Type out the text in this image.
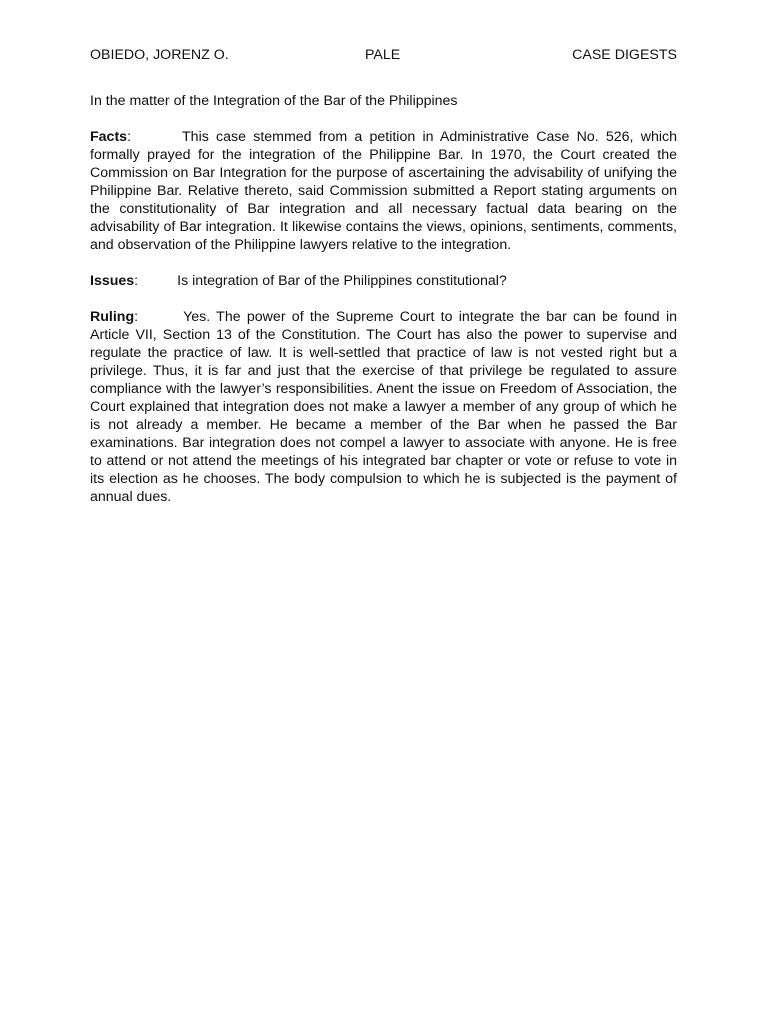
OBIEDO, JORENZ O.	PALE	CASE DIGESTS
In the matter of the Integration of the Bar of the Philippines
Facts:	This case stemmed from a petition in Administrative Case No. 526, which formally prayed for the integration of the Philippine Bar. In 1970, the Court created the Commission on Bar Integration for the purpose of ascertaining the advisability of unifying the Philippine Bar. Relative thereto, said Commission submitted a Report stating arguments on the constitutionality of Bar integration and all necessary factual data bearing on the advisability of Bar integration. It likewise contains the views, opinions, sentiments, comments, and observation of the Philippine lawyers relative to the integration.
Issues:	Is integration of Bar of the Philippines constitutional?
Ruling:	Yes. The power of the Supreme Court to integrate the bar can be found in Article VII, Section 13 of the Constitution. The Court has also the power to supervise and regulate the practice of law. It is well-settled that practice of law is not vested right but a privilege. Thus, it is far and just that the exercise of that privilege be regulated to assure compliance with the lawyer’s responsibilities. Anent the issue on Freedom of Association, the Court explained that integration does not make a lawyer a member of any group of which he is not already a member. He became a member of the Bar when he passed the Bar examinations. Bar integration does not compel a lawyer to associate with anyone. He is free to attend or not attend the meetings of his integrated bar chapter or vote or refuse to vote in its election as he chooses. The body compulsion to which he is subjected is the payment of annual dues.
